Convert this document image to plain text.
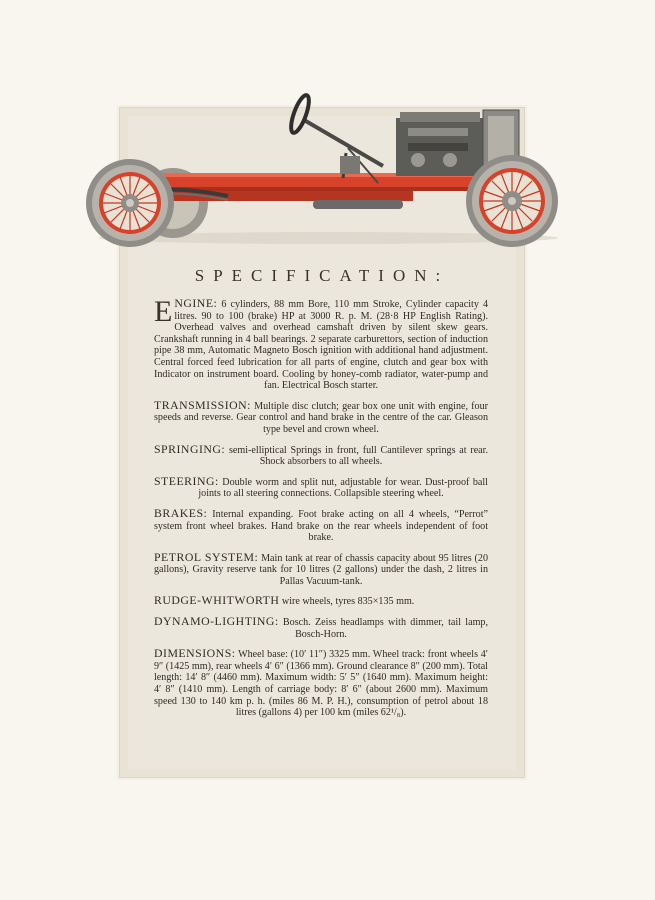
SPECIFICATION:

ENGINE: 6 cylinders, 88 mm Bore, 110 mm Stroke, Cylinder capacity 4 litres. 90 to 100 (brake) HP at 3000 R. p. M. (28·8 HP English Rating). Overhead valves and overhead camshaft driven by silent skew gears. Crankshaft running in 4 ball bearings. 2 separate carburettors, section of induction pipe 38 mm, Automatic Magneto Bosch ignition with additional hand adjustment. Central forced feed lubrication for all parts of engine, clutch and gear box with Indicator on instrument board. Cooling by honey-comb radiator, water-pump and fan. Electrical Bosch starter.

TRANSMISSION: Multiple disc clutch; gear box one unit with engine, four speeds and reverse. Gear control and hand brake in the centre of the car. Gleason type bevel and crown wheel.

SPRINGING: semi-elliptical Springs in front, full Cantilever springs at rear. Shock absorbers to all wheels.

STEERING: Double worm and split nut, adjustable for wear. Dust-proof ball joints to all steering connections. Collapsible steering wheel.

BRAKES: Internal expanding. Foot brake acting on all 4 wheels, “Perrot” system front wheel brakes. Hand brake on the rear wheels independent of foot brake.

PETROL SYSTEM: Main tank at rear of chassis capacity about 95 litres (20 gallons), Gravity reserve tank for 10 litres (2 gallons) under the dash, 2 litres in Pallas Vacuum-tank.

RUDGE-WHITWORTH wire wheels, tyres 835×135 mm.

DYNAMO-LIGHTING: Bosch. Zeiss headlamps with dimmer, tail lamp, Bosch-Horn.

DIMENSIONS: Wheel base: (10′ 11″) 3325 mm. Wheel track: front wheels 4′ 9″ (1425 mm), rear wheels 4′ 6″ (1366 mm). Ground clearance 8″ (200 mm). Total length: 14′ 8″ (4460 mm). Maximum width: 5′ 5″ (1640 mm). Maximum height: 4′ 8″ (1410 mm). Length of carriage body: 8′ 6″ (about 2600 mm). Maximum speed 130 to 140 km p. h. (miles 86 M. P. H.), consumption of petrol about 18 litres (gallons 4) per 100 km (miles 62¹/₈).
